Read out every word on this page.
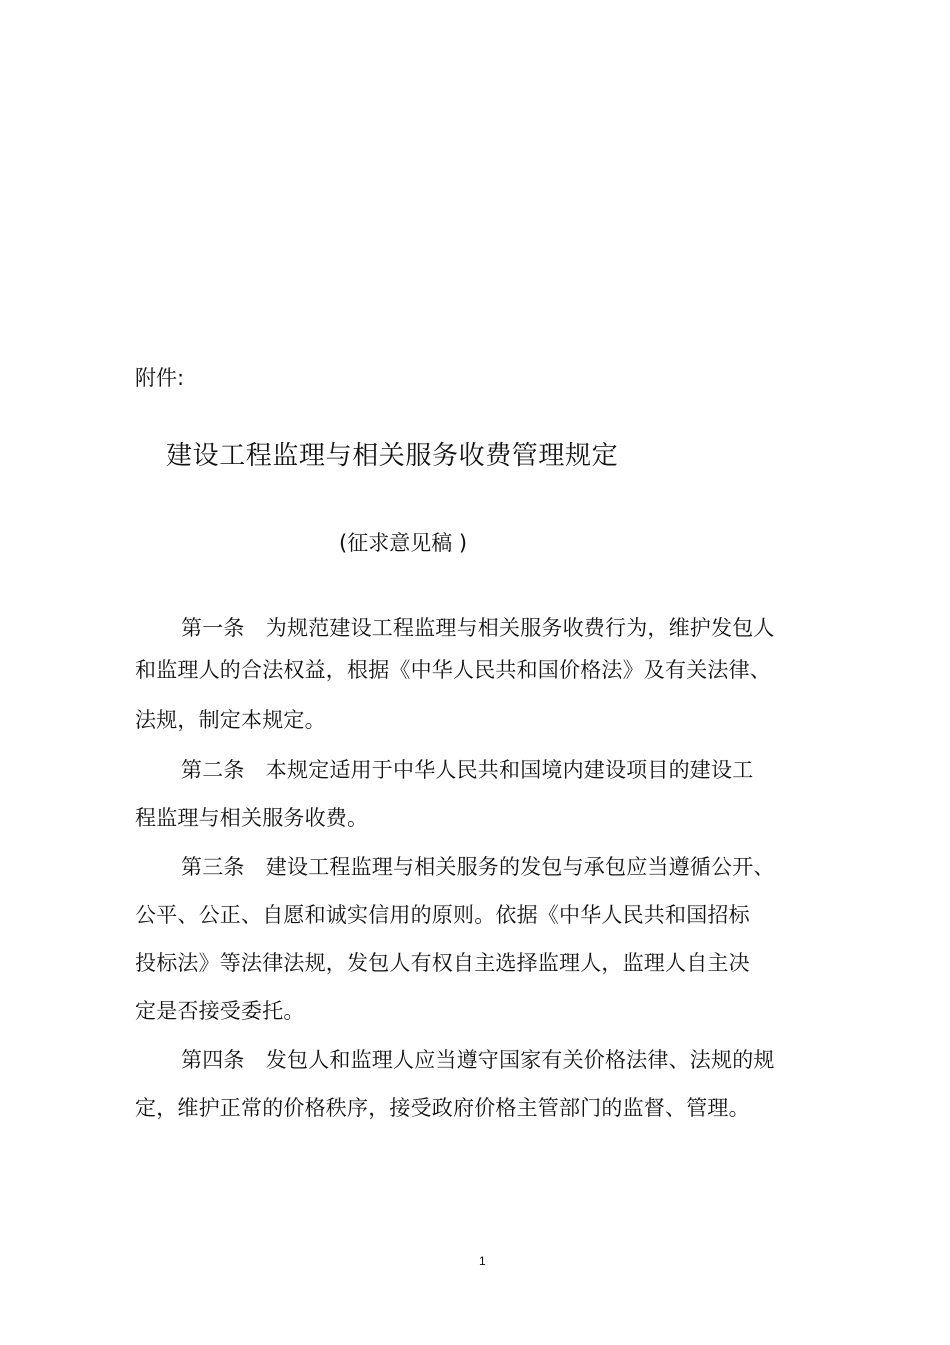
附件:
建设工程监理与相关服务收费管理规定
(征求意见稿 )
第一条　为规范建设工程监理与相关服务收费行为，维护发包人
和监理人的合法权益，根据《中华人民共和国价格法》及有关法律、
法规，制定本规定。
第二条　本规定适用于中华人民共和国境内建设项目的建设工
程监理与相关服务收费。
第三条　建设工程监理与相关服务的发包与承包应当遵循公开、
公平、公正、自愿和诚实信用的原则。依据《中华人民共和国招标
投标法》等法律法规，发包人有权自主选择监理人，监理人自主决
定是否接受委托。
第四条　发包人和监理人应当遵守国家有关价格法律、法规的规
定，维护正常的价格秩序，接受政府价格主管部门的监督、管理。
1
